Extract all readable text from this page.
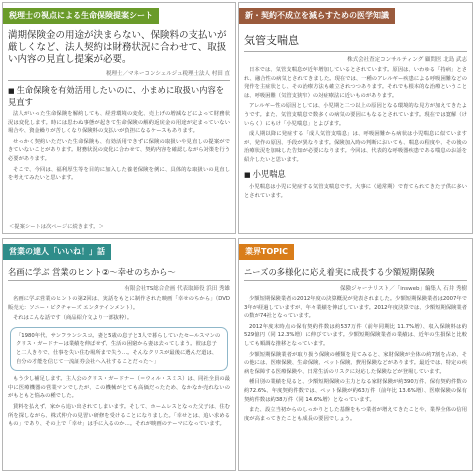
税理士の視点による生命保険提案シート
満期保険金の用途が決まらない、保険料の支払いが厳しくなど、法人契約は財務状況に合わせて、取扱い内容の見直し提案が必要。
税理士／マネーコンシェルジュ税理士法人 村田 直
■ 生命保険を有効活用したいのに、小まめに取扱い内容を見直す

法人がいった生命保険を解約しても、経営環境の変化、売上げの増減などによって財務状況は変化します。時には思わぬ事態が起きて生命保険の解約返戻金の用途が定まっていない場合や、資金繰りが苦しくなり保険料の支払いが負担になるケースもあります。

せっかく契約いただいた生命保険も、有効活用できずに保険の取扱いや見直しの提案ができていないことがあります。財務状況の変化に合わせて、契約内容を確認しながら対策を行う必要があります。

そこで、今回は、福利厚生等を目的に加入した養老保険を例に、具体的な取扱いの見直しを考えてみたいと思います。

＜提案シートは次ページに続きます。＞
新・契約不成立を減らすための医学知識
気管支喘息
株式会社査定コンサルティング 顧問医 北島 武志

日本では、気管支喘息が近年増加しているとされています。原因は、いわゆる「持病」とされ、融合性の病気とされてきました。現在では、一種のアレルギー疾患による呼吸困難などの発作を主症状とし、その治療方法も確立されつつあります。それでも根本的な治療ということは、呼吸困難（気管支狭窄）の対症療法に近いものがあります。

アレルギー性の原因としては、小児期と二つ以上の原因となる環境的な見方が加えてきたようです。また、気管支喘息で数多くの病気の要因にもなるとされています。現在では寛解（けいらく）にもけ「小児喘息」とよびます。

成人期以降に発症する「成人気管支喘息」は、呼吸困難から病状は小児喘息に似ていますが、発作の原因、手段が異なります。保険加入時の判断においても、喘息の程度や、その後の治療状況を加味した告知が必要になります。今回は、代表的な呼吸器疾患である喘息のお話を紹介したいと思います。

■ 小児喘息

小児喘息は小児に発症する気管支喘息です。大事に（通常期）で育てられてきた子供に多いとされています。

営業の達人「いいね！」話
名画に学ぶ 営業のヒント②～幸せのちから～
有限会社TS総合企画 代表取締役 浜田 秀雄

名画に学ぶ営業のヒントの第2回は、実話をもとに制作された映画「幸せのちから」（DVD 販売元：ソニー・ピクチャーズ エンタテインメント）。

それはこんな話です（商品紹介文より一部抜粋）。

「1980年代、サンフランシスコ。妻と5歳の息子と3人で暮らしていたセールスマンのクリス・ガードナーは業績を伸ばせず、生活の困窮から妻は去ってしまう。彼は息子と二人きりで、仕事を失い住む場所まで失う…。そんなクリスが最後に選んだ道は、自分の才能を信じて一流証券会社へ入社することだった～」

もう少し補足します。主人公のクリス・ガードナー（＝ウィル・スミス）は、同社全員の最中に医療機器の営業マンでしたが、この機械がとても高価だったため、なかなか売れないのがもともと悩みの種でした。

賃料を払えず、家から追い出されてしまいます。そして、ホームレスとなった父子は、住む所を探しながら、株式仲介の見習い研修を受けることになりました。「幸せとは、追い求めるもの」であり、その上で「幸せ」は手に入るのか…。それが映画のテーマになっています。

業界TOPIC
ニーズの多様化に応え着実に成長する少額短期保険
保険ジャーナリスト／「insweb」編集人 石井 秀樹

少額短期保険業者の2012年度の決算概況が発表されました。少額短期保険業者は2007年で3年が経過していますが、年々業績を伸ばしています。2012年度決算では、少額短期保険業者の数が74社となっています。

2012年度末時点の保有契約件数は約537万件（前年同期比 11.7%増）、収入保険料は約529億円（同 12.3%増）に伸びています。少額短期保険業者の業績は、近年の生損保と比較しても順調な推移となっています。

少額短期保険業者が取り扱う保険の種類を見てみると、家財保険が全体の約7割を占め、その他には、医療保険、生命保険、ペット保険、費用保険などがあります。最近では、特定の疾病を保障する医療保険や、日常生活のリスクに対応した保険などが登場しています。

種目別の業績を見ると、少額短期保険の主力となる家財保険が約390万件、保有契約件数の約72.6%、年度契約件数では、ペット保険が約63万件（前年比 13.6%増）、医療保険の保有契約件数は約38万件（同 14.6%増）となっています。

また、設立当初からのしっかりとした基盤をもつ業者が増えてきたことや、業界全体の信用度が高まってきたことも成長の要因でしょう。
